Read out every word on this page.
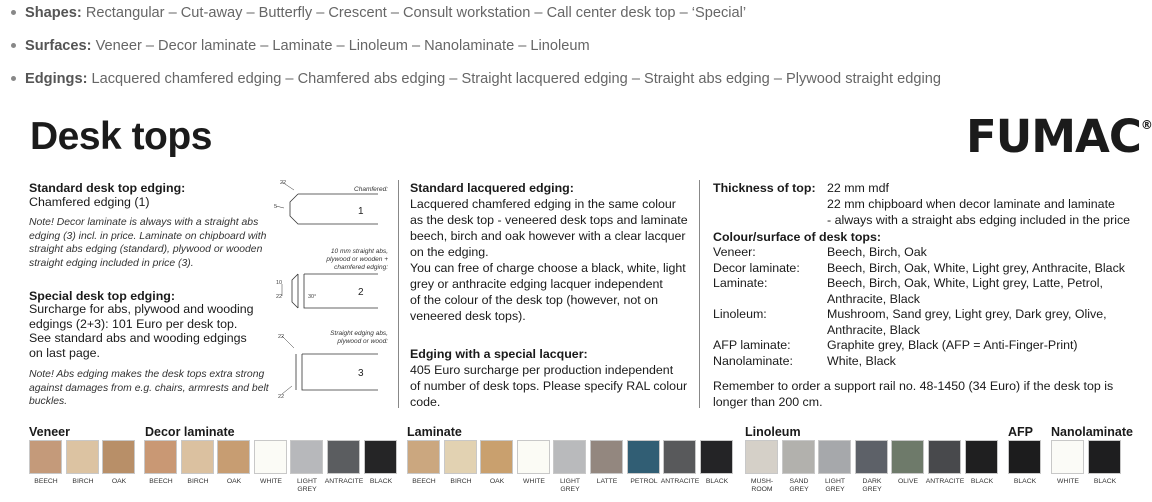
Shapes: Rectangular – Cut-away – Butterfly – Crescent – Consult workstation – Call center desk top – ‘Special’
Surfaces: Veneer – Decor laminate – Laminate – Linoleum – Nanolaminate – Linoleum
Edgings: Lacquered chamfered edging – Chamfered abs edging – Straight lacquered edging – Straight abs edging – Plywood straight edging
Desk tops	FUMAC®
Standard desk top edging:
Chamfered edging (1)
Note! Decor laminate is always with a straight abs
edging (3) incl. in price. Laminate on chipboard with
straight abs edging (standard), plywood or wooden
straight edging included in price (3).
Special desk top edging:
Surcharge for abs, plywood and wooding
edgings (2+3): 101 Euro per desk top.
See standard abs and wooding edgings
on last page.
Note! Abs edging makes the desk tops extra strong
against damages from e.g. chairs, armrests and belt
buckles.
Chamfered:
10 mm straight abs,
plywood or wooden +
chamfered edging:
Straight edging abs,
plywood or wood:
1
2
3
22
5
10
22	30°
22
22
Standard lacquered edging:
Lacquered chamfered edging in the same colour
as the desk top - veneered desk tops and laminate
beech, birch and oak however with a clear lacquer
on the edging.
You can free of charge choose a black, white, light
grey or anthracite edging lacquer independent
of the colour of the desk top (however, not on
veneered desk tops).
Edging with a special lacquer:
405 Euro surcharge per production independent
of number of desk tops. Please specify RAL colour
code.
Thickness of top: 22 mm mdf
22 mm chipboard when decor laminate and laminate
- always with a straight abs edging included in the price
Colour/surface of desk tops:
Veneer:	Beech, Birch, Oak
Decor laminate: Beech, Birch, Oak, White, Light grey, Anthracite, Black
Laminate:	Beech, Birch, Oak, White, Light grey, Latte, Petrol,
Anthracite, Black
Linoleum:	Mushroom, Sand grey, Light grey, Dark grey, Olive,
Anthracite, Black
AFP laminate:	Graphite grey, Black (AFP = Anti-Finger-Print)
Nanolaminate:	White, Black
Remember to order a support rail no. 48-1450 (34 Euro) if the desk top is
longer than 200 cm.
Veneer
BEECH	BIRCH	OAK
Decor laminate
BEECH	BIRCH	OAK	WHITE	LIGHT GREY
ANTRACITE BLACK
Laminate
BEECH	BIRCH	OAK	WHITE	LIGHT GREY
LATTE	PETROL ANTRACITE BLACK
Linoleum
MUSH- ROOM
SAND GREY
LIGHT GREY
DARK GREY
OLIVE	ANTRACITE BLACK
AFP
BLACK
Nanolaminate
WHITE	BLACK
